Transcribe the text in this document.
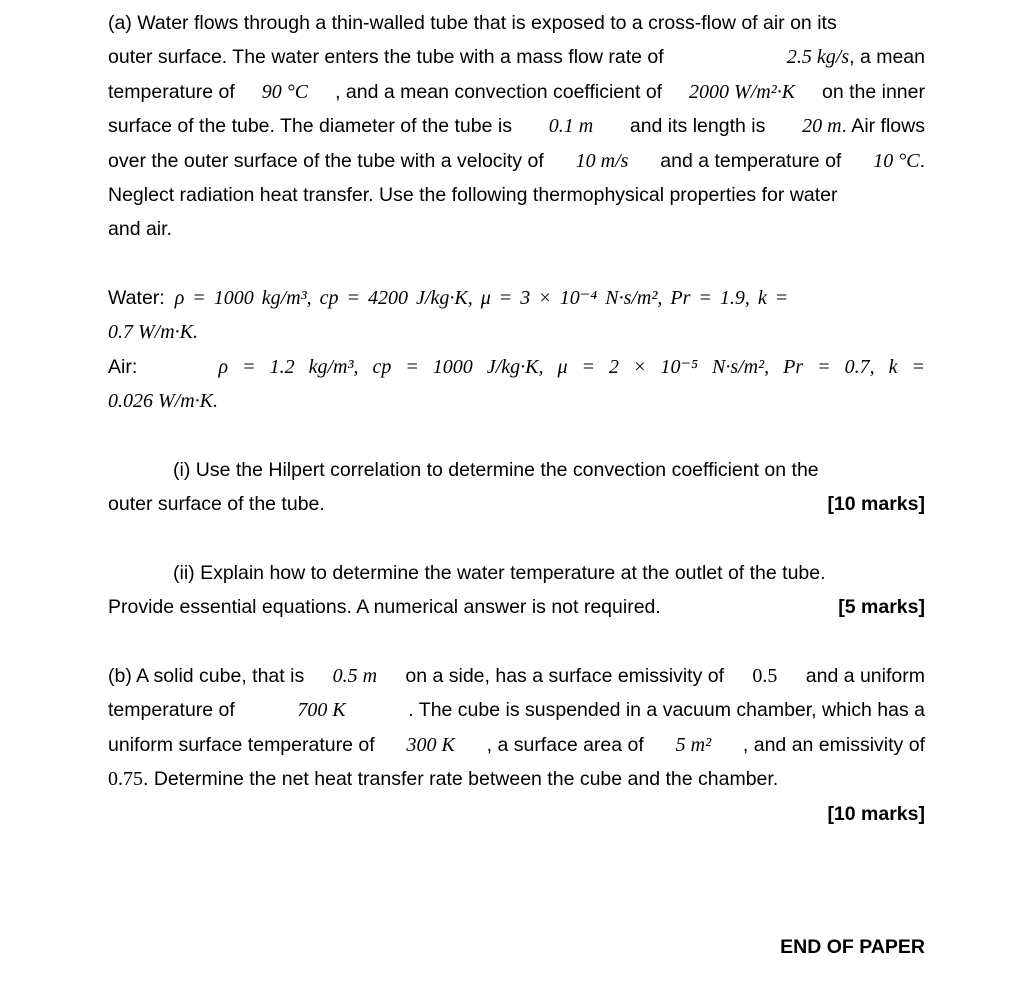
(a) Water flows through a thin-walled tube that is exposed to a cross-flow of air on its
outer surface. The water enters the tube with a mass flow rate of	2.5 kg/s, a mean
temperature of 90 °C , and a mean convection coefficient of 2000 W/m²·K on the inner
surface of the tube. The diameter of the tube is 0.1 m and its length is 20 m. Air flows
over the outer surface of the tube with a velocity of 10 m/s and a temperature of 10 °C.
Neglect radiation heat transfer. Use the following thermophysical properties for water
and air.
Water: ρ = 1000 kg/m³, cp = 4200 J/kg·K, μ = 3 × 10⁻⁴ N·s/m², Pr = 1.9, k =
0.7 W/m·K.
Air:	ρ = 1.2 kg/m³, cp = 1000 J/kg·K, μ = 2 × 10⁻⁵ N·s/m², Pr = 0.7, k =
0.026 W/m·K.
(i) Use the Hilpert correlation to determine the convection coefficient on the
outer surface of the tube.	[10 marks]
(ii) Explain how to determine the water temperature at the outlet of the tube.
Provide essential equations. A numerical answer is not required.	[5 marks]
(b) A solid cube, that is 0.5 m on a side, has a surface emissivity of 0.5 and a uniform
temperature of	700 K	. The cube is suspended in a vacuum chamber, which has a
uniform surface temperature of 300 K , a surface area of 5 m² , and an emissivity of
0.75. Determine the net heat transfer rate between the cube and the chamber.
[10 marks]
END OF PAPER
